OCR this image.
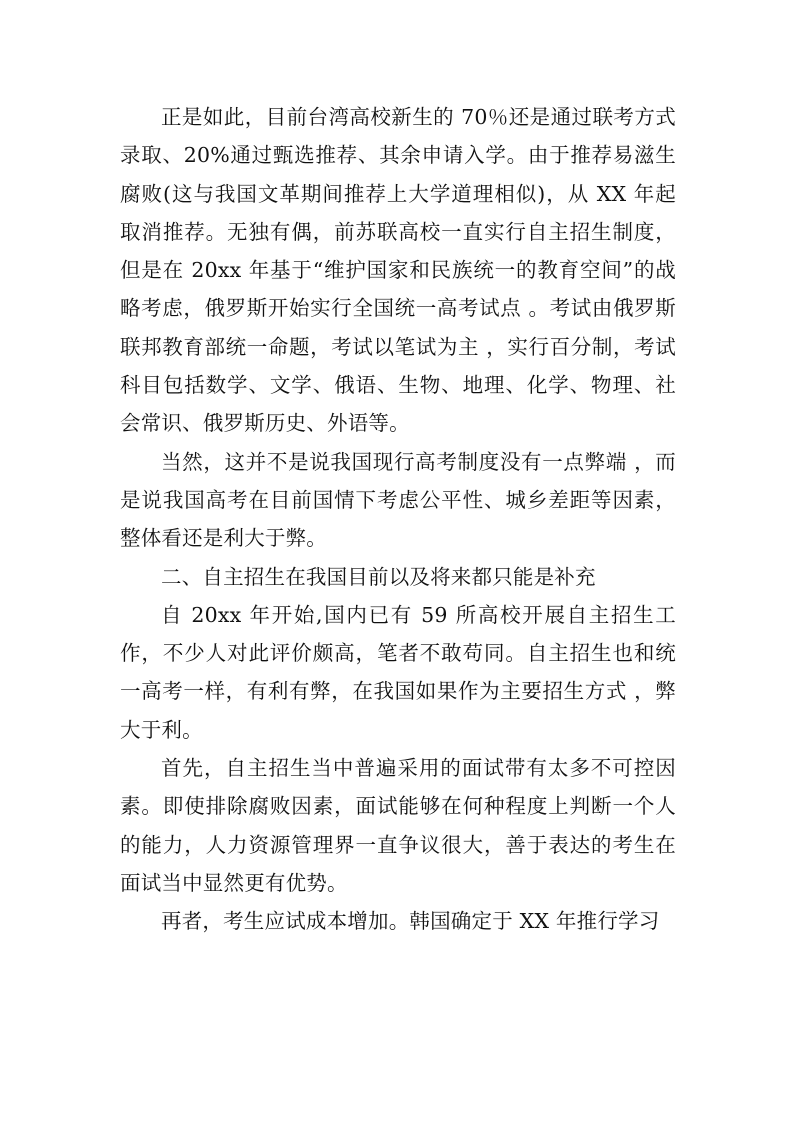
正是如此，目前台湾高校新生的 70％还是通过联考方式录取、20%通过甄选推荐、其余申请入学。由于推荐易滋生腐败(这与我国文革期间推荐上大学道理相似)，从 XX 年起取消推荐。无独有偶，前苏联高校一直实行自主招生制度，但是在 20xx 年基于“维护国家和民族统一的教育空间”的战略考虑，俄罗斯开始实行全国统一高考试点 。考试由俄罗斯联邦教育部统一命题，考试以笔试为主 ，实行百分制，考试科目包括数学、文学、俄语、生物、地理、化学、物理、社会常识、俄罗斯历史、外语等。

当然，这并不是说我国现行高考制度没有一点弊端 ，而是说我国高考在目前国情下考虑公平性、城乡差距等因素，整体看还是利大于弊。

二、自主招生在我国目前以及将来都只能是补充

自 20xx 年开始,国内已有 59 所高校开展自主招生工作，不少人对此评价颇高，笔者不敢苟同。自主招生也和统一高考一样，有利有弊，在我国如果作为主要招生方式 ，弊大于利。

首先，自主招生当中普遍采用的面试带有太多不可控因素。即使排除腐败因素，面试能够在何种程度上判断一个人的能力，人力资源管理界一直争议很大，善于表达的考生在面试当中显然更有优势。

再者，考生应试成本增加。韩国确定于 XX 年推行学习
